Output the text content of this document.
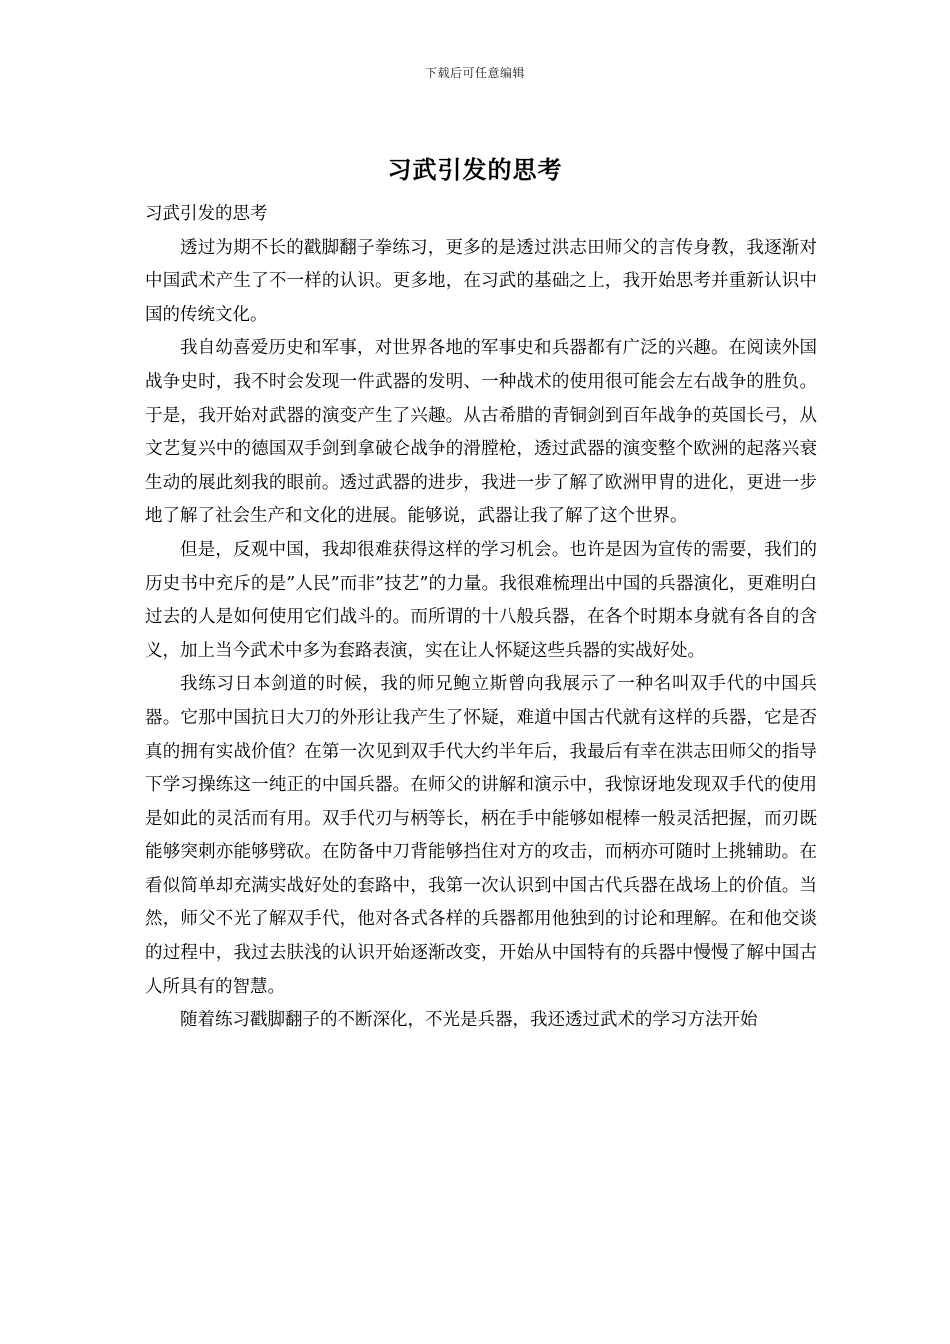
下载后可任意编辑
习武引发的思考

习武引发的思考

透过为期不长的戳脚翻子拳练习，更多的是透过洪志田师父的言传身教，我逐渐对中国武术产生了不一样的认识。更多地，在习武的基础之上，我开始思考并重新认识中国的传统文化。

我自幼喜爱历史和军事，对世界各地的军事史和兵器都有广泛的兴趣。在阅读外国战争史时，我不时会发现一件武器的发明、一种战术的使用很可能会左右战争的胜负。于是，我开始对武器的演变产生了兴趣。从古希腊的青铜剑到百年战争的英国长弓，从文艺复兴中的德国双手剑到拿破仑战争的滑膛枪，透过武器的演变整个欧洲的起落兴衰生动的展此刻我的眼前。透过武器的进步，我进一步了解了欧洲甲胄的进化，更进一步地了解了社会生产和文化的进展。能够说，武器让我了解了这个世界。

但是，反观中国，我却很难获得这样的学习机会。也许是因为宣传的需要，我们的历史书中充斥的是”人民”而非”技艺”的力量。我很难梳理出中国的兵器演化，更难明白过去的人是如何使用它们战斗的。而所谓的十八般兵器，在各个时期本身就有各自的含义，加上当今武术中多为套路表演，实在让人怀疑这些兵器的实战好处。

我练习日本剑道的时候，我的师兄鲍立斯曾向我展示了一种名叫双手代的中国兵器。它那中国抗日大刀的外形让我产生了怀疑，难道中国古代就有这样的兵器，它是否真的拥有实战价值？在第一次见到双手代大约半年后，我最后有幸在洪志田师父的指导下学习操练这一纯正的中国兵器。在师父的讲解和演示中，我惊讶地发现双手代的使用是如此的灵活而有用。双手代刃与柄等长，柄在手中能够如棍棒一般灵活把握，而刃既能够突刺亦能够劈砍。在防备中刀背能够挡住对方的攻击，而柄亦可随时上挑辅助。在看似简单却充满实战好处的套路中，我第一次认识到中国古代兵器在战场上的价值。当然，师父不光了解双手代，他对各式各样的兵器都用他独到的讨论和理解。在和他交谈的过程中，我过去肤浅的认识开始逐渐改变，开始从中国特有的兵器中慢慢了解中国古人所具有的智慧。

随着练习戳脚翻子的不断深化，不光是兵器，我还透过武术的学习方法开始
